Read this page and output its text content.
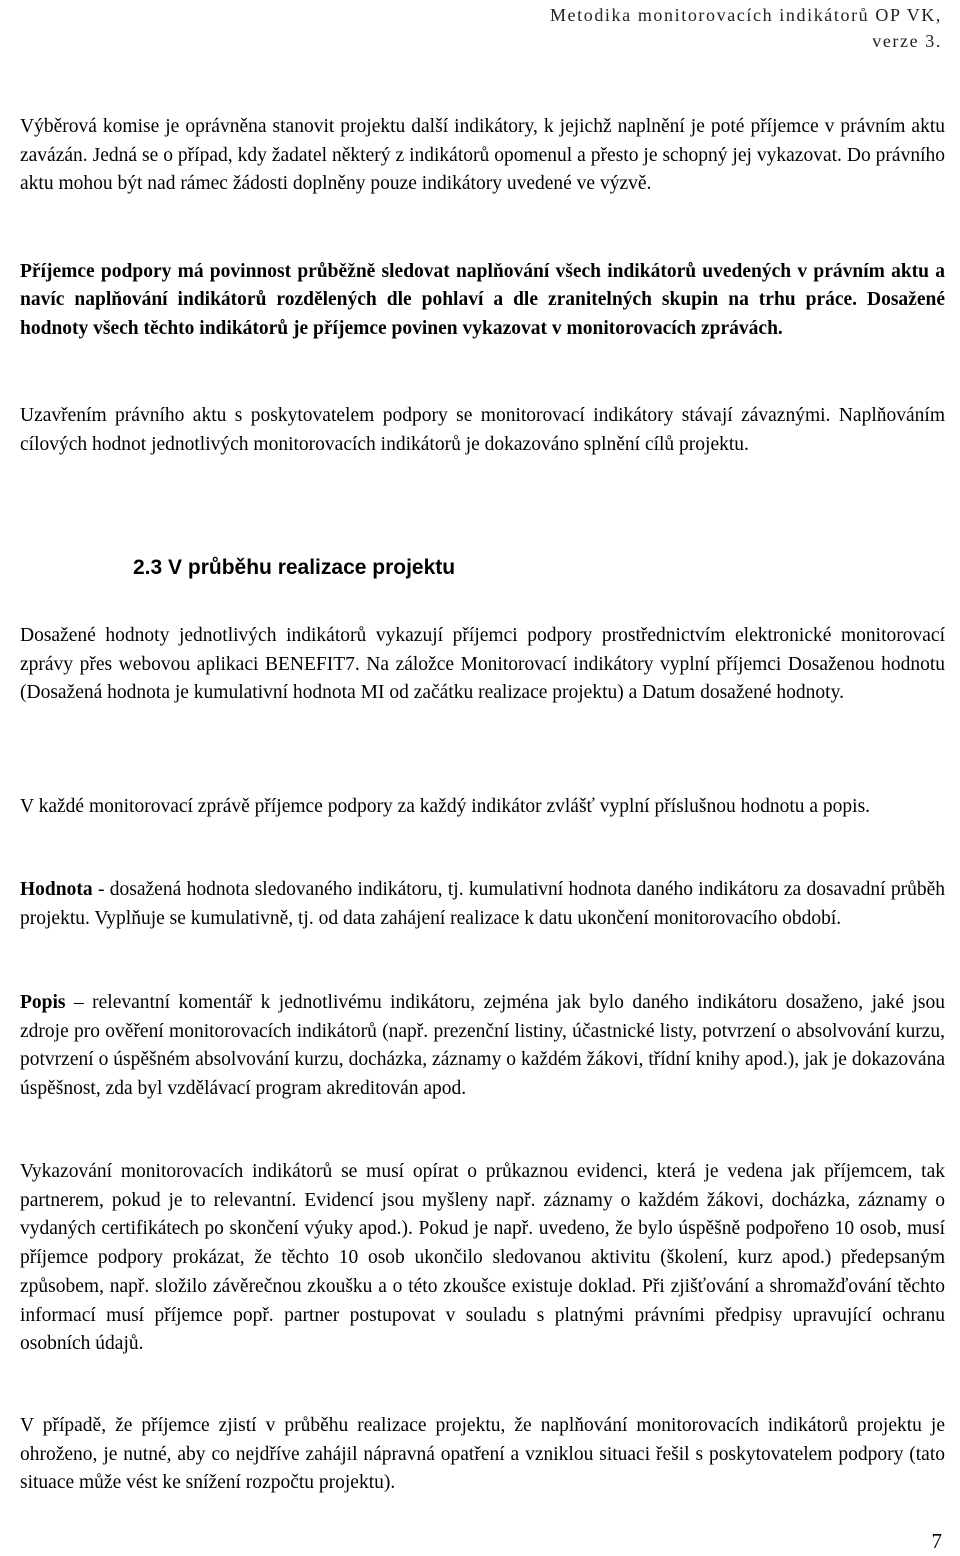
Metodika monitorovacích indikátorů OP VK,
verze 3.

Výběrová komise je oprávněna stanovit projektu další indikátory, k jejichž naplnění je poté příjemce v právním aktu zavázán. Jedná se o případ, kdy žadatel některý z indikátorů opomenul a přesto je schopný jej vykazovat. Do právního aktu mohou být nad rámec žádosti doplněny pouze indikátory uvedené ve výzvě.

Příjemce podpory má povinnost průběžně sledovat naplňování všech indikátorů uvedených v právním aktu a navíc naplňování indikátorů rozdělených dle pohlaví a dle zranitelných skupin na trhu práce. Dosažené hodnoty všech těchto indikátorů je příjemce povinen vykazovat v monitorovacích zprávách.

Uzavřením právního aktu s poskytovatelem podpory se monitorovací indikátory stávají závaznými. Naplňováním cílových hodnot jednotlivých monitorovacích indikátorů je dokazováno splnění cílů projektu.

2.3 V průběhu realizace projektu

Dosažené hodnoty jednotlivých indikátorů vykazují příjemci podpory prostřednictvím elektronické monitorovací zprávy přes webovou aplikaci BENEFIT7. Na záložce Monitorovací indikátory vyplní příjemci Dosaženou hodnotu (Dosažená hodnota je kumulativní hodnota MI od začátku realizace projektu) a Datum dosažené hodnoty.

V každé monitorovací zprávě příjemce podpory za každý indikátor zvlášť vyplní příslušnou hodnotu a popis.

Hodnota - dosažená hodnota sledovaného indikátoru, tj. kumulativní hodnota daného indikátoru za dosavadní průběh projektu. Vyplňuje se kumulativně, tj. od data zahájení realizace k datu ukončení monitorovacího období.

Popis – relevantní komentář k jednotlivému indikátoru, zejména jak bylo daného indikátoru dosaženo, jaké jsou zdroje pro ověření monitorovacích indikátorů (např. prezenční listiny, účastnické listy, potvrzení o absolvování kurzu, potvrzení o úspěšném absolvování kurzu, docházka, záznamy o každém žákovi, třídní knihy apod.), jak je dokazována úspěšnost, zda byl vzdělávací program akreditován apod.

Vykazování monitorovacích indikátorů se musí opírat o průkaznou evidenci, která je vedena jak příjemcem, tak partnerem, pokud je to relevantní. Evidencí jsou myšleny např. záznamy o každém žákovi, docházka, záznamy o vydaných certifikátech po skončení výuky apod.). Pokud je např. uvedeno, že bylo úspěšně podpořeno 10 osob, musí příjemce podpory prokázat, že těchto 10 osob ukončilo sledovanou aktivitu (školení, kurz apod.) předepsaným způsobem, např. složilo závěrečnou zkoušku a o této zkoušce existuje doklad. Při zjišťování a shromažďování těchto informací musí příjemce popř. partner postupovat v souladu s platnými právními předpisy upravující ochranu osobních údajů.

V případě, že příjemce zjistí v průběhu realizace projektu, že naplňování monitorovacích indikátorů projektu je ohroženo, je nutné, aby co nejdříve zahájil nápravná opatření a vzniklou situaci řešil s poskytovatelem podpory (tato situace může vést ke snížení rozpočtu projektu).

7
